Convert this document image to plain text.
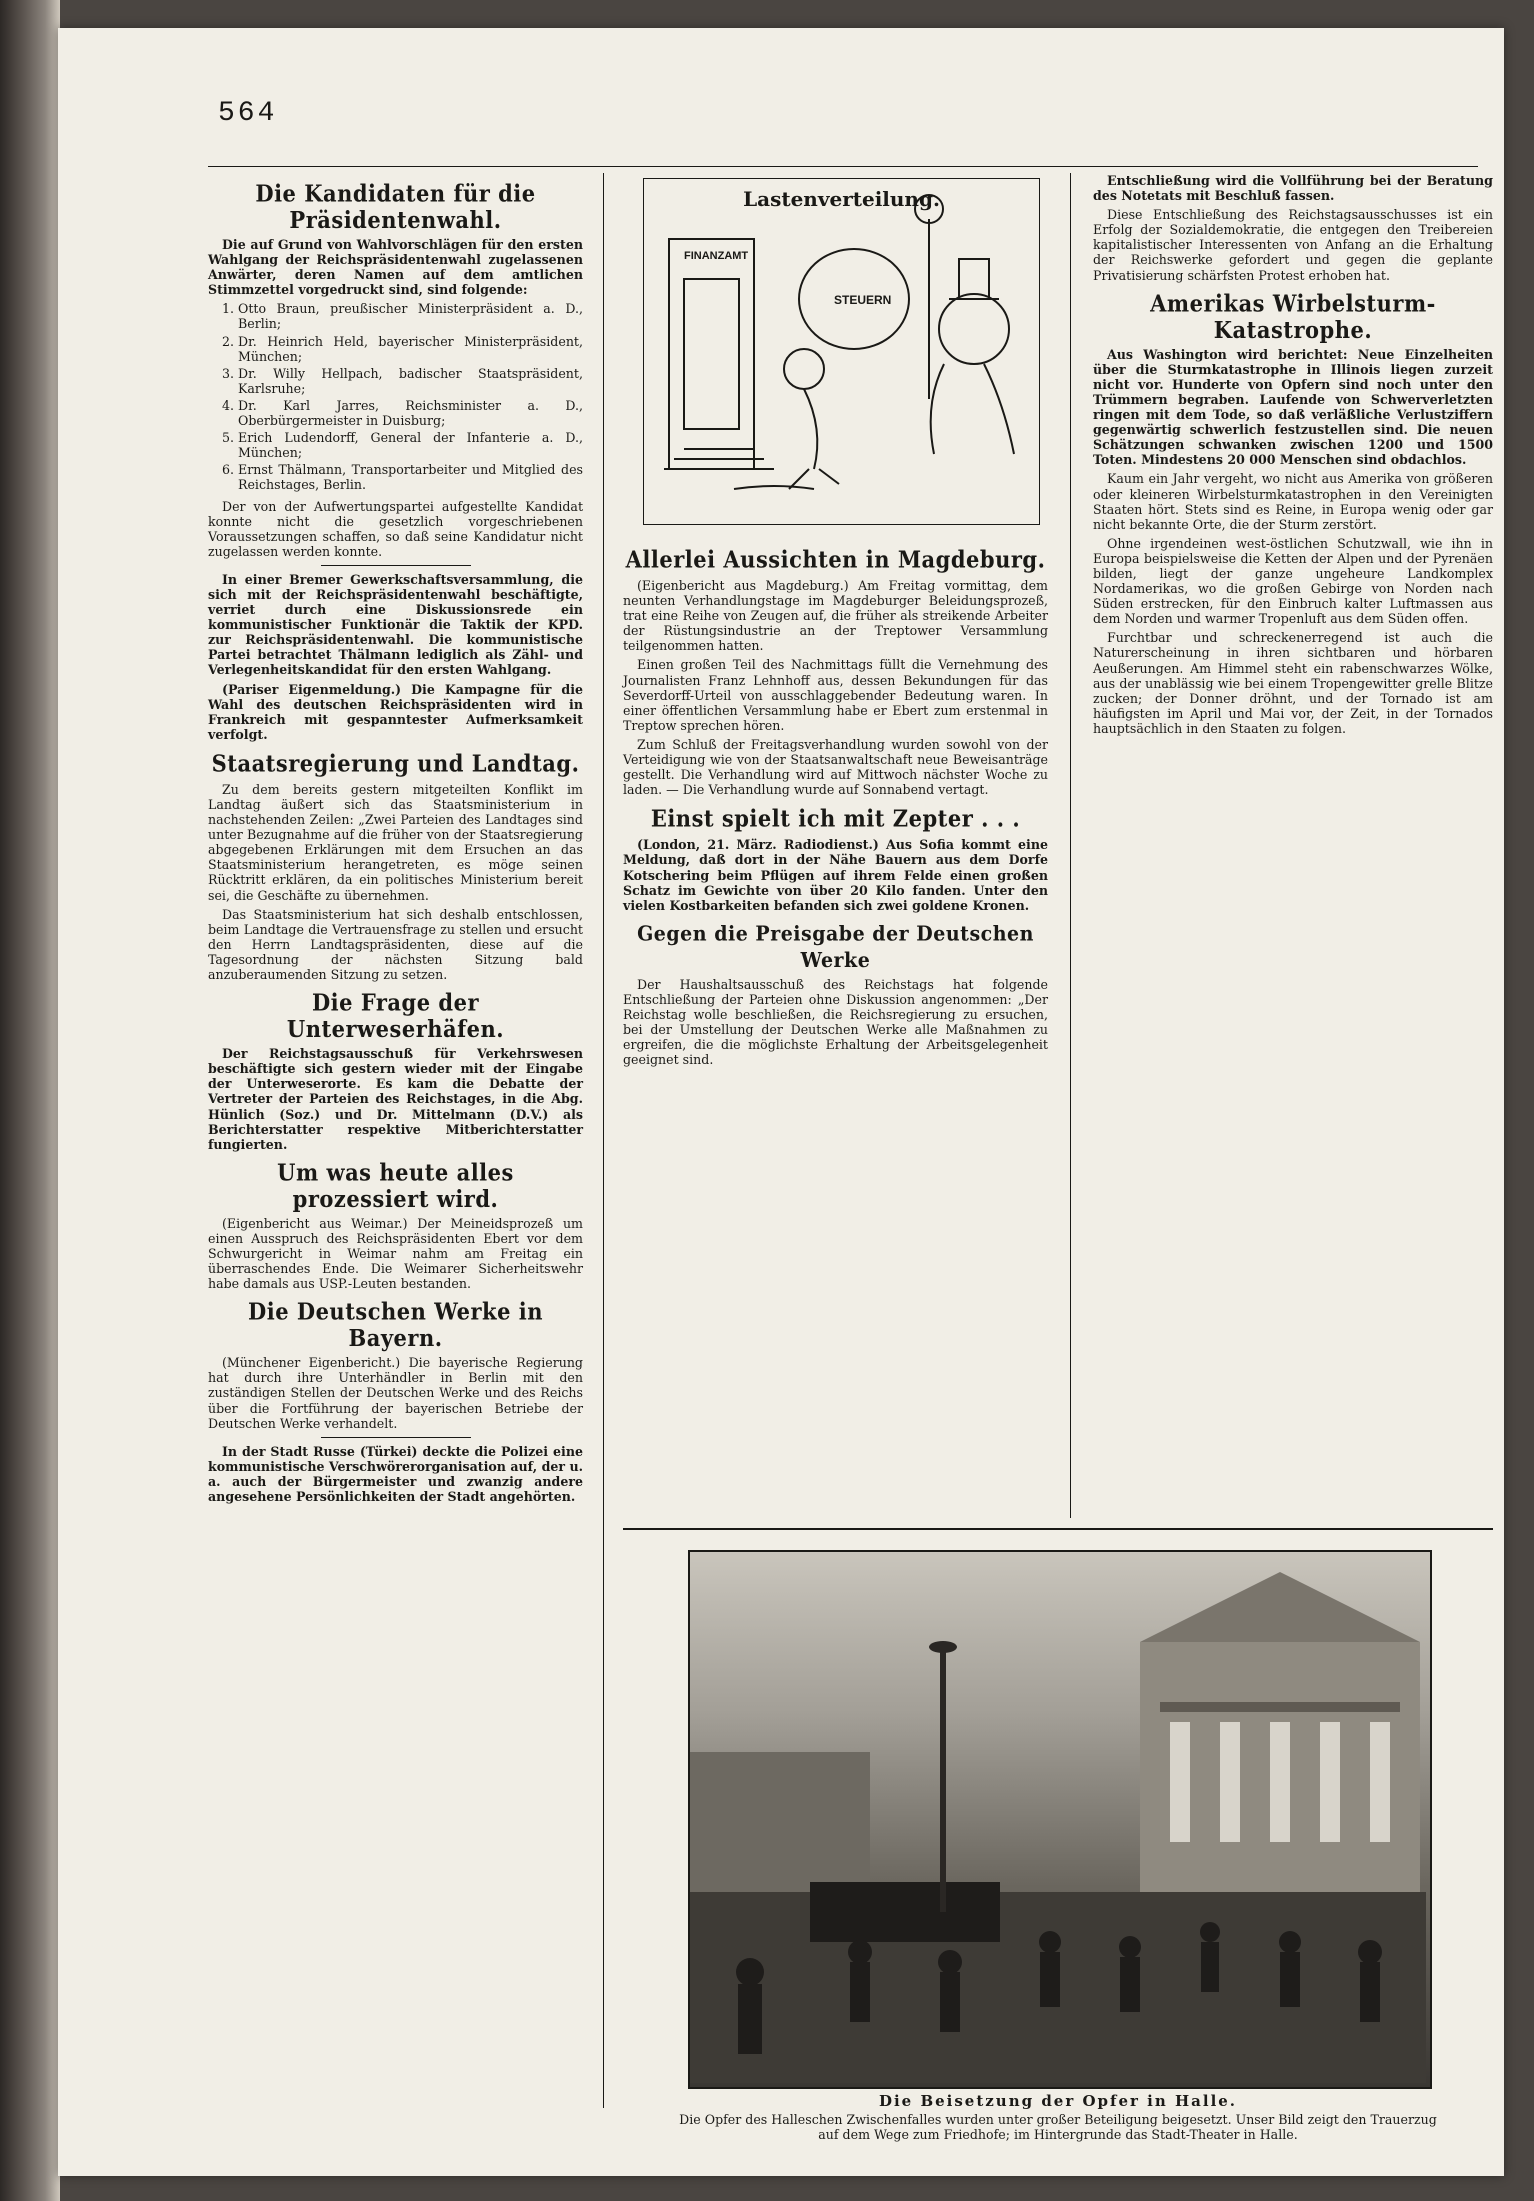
564
Die Kandidaten für die Präsidentenwahl.

Die auf Grund von Wahlvorschlägen für den ersten Wahlgang der Reichspräsidentenwahl zugelassenen Anwärter, deren Namen auf dem amtlichen Stimmzettel vorgedruckt sind, sind folgende:

1. Otto Braun, preußischer Ministerpräsident a. D., Berlin;
2. Dr. Heinrich Held, bayerischer Ministerpräsident, München;
3. Dr. Willy Hellpach, badischer Staatspräsident, Karlsruhe;
4. Dr. Karl Jarres, Reichsminister a. D., Oberbürgermeister in Duisburg;
5. Erich Ludendorff, General der Infanterie a. D., München;
6. Ernst Thälmann, Transportarbeiter und Mitglied des Reichstages, Berlin.

Der von der Aufwertungspartei aufgestellte Kandidat konnte nicht die gesetzlich vorgeschriebenen Voraussetzungen schaffen, so daß seine Kandidatur nicht zugelassen werden konnte.

In einer Bremer Gewerkschaftsversammlung, die sich mit der Reichspräsidentenwahl beschäftigte, verriet durch eine Diskussionsrede ein kommunistischer Funktionär die Taktik der KPD. zur Reichspräsidentenwahl. Die kommunistische Partei betrachtet Thälmann lediglich als Zähl- und Verlegenheitskandidat für den ersten Wahlgang.

(Pariser Eigenmeldung.) Die Kampagne für die Wahl des deutschen Reichspräsidenten wird in Frankreich mit gespanntester Aufmerksamkeit verfolgt.

Staatsregierung und Landtag.

Zu dem bereits gestern mitgeteilten Konflikt im Landtag äußert sich das Staatsministerium in nachstehenden Zeilen: „Zwei Parteien des Landtages sind unter Bezugnahme auf die früher von der Staatsregierung abgegebenen Erklärungen mit dem Ersuchen an das Staatsministerium herangetreten, es möge seinen Rücktritt erklären, da ein politisches Ministerium bereit sei, die Geschäfte zu übernehmen.

Das Staatsministerium hat sich deshalb entschlossen, beim Landtage die Vertrauensfrage zu stellen und ersucht den Herrn Landtagspräsidenten, diese auf die Tagesordnung der nächsten Sitzung bald anzuberaumenden Sitzung zu setzen.

Die Frage der Unterweserhäfen.

Der Reichstagsausschuß für Verkehrswesen beschäftigte sich gestern wieder mit der Eingabe der Unterweserorte. Es kam die Debatte der Vertreter der Parteien des Reichstages, in die Abg. Hünlich (Soz.) und Dr. Mittelmann (D.V.) als Berichterstatter respektive Mitberichterstatter fungierten.

Um was heute alles prozessiert wird.

(Eigenbericht aus Weimar.) Der Meineidsprozeß um einen Ausspruch des Reichspräsidenten Ebert vor dem Schwurgericht in Weimar nahm am Freitag ein überraschendes Ende. Die Weimarer Sicherheitswehr habe damals aus USP.-Leuten bestanden.

Die Deutschen Werke in Bayern.

(Münchener Eigenbericht.) Die bayerische Regierung hat durch ihre Unterhändler in Berlin mit den zuständigen Stellen der Deutschen Werke und des Reichs über die Fortführung der bayerischen Betriebe der Deutschen Werke verhandelt.

In der Stadt Russe (Türkei) deckte die Polizei eine kommunistische Verschwörerorganisation auf, der u. a. auch der Bürgermeister und zwanzig andere angesehene Persönlichkeiten der Stadt angehörten.

Lastenverteilung.
FINANZAMT
STEUERN
Allerlei Aussichten in Magdeburg.

(Eigenbericht aus Magdeburg.) Am Freitag vormittag, dem neunten Verhandlungstage im Magdeburger Beleidungsprozeß, trat eine Reihe von Zeugen auf, die früher als streikende Arbeiter der Rüstungsindustrie an der Treptower Versammlung teilgenommen hatten.

Einen großen Teil des Nachmittags füllt die Vernehmung des Journalisten Franz Lehnhoff aus, dessen Bekundungen für das Severdorff-Urteil von ausschlaggebender Bedeutung waren. In einer öffentlichen Versammlung habe er Ebert zum erstenmal in Treptow sprechen hören.

Zum Schluß der Freitagsverhandlung wurden sowohl von der Verteidigung wie von der Staatsanwaltschaft neue Beweisanträge gestellt. Die Verhandlung wird auf Mittwoch nächster Woche zu laden. — Die Verhandlung wurde auf Sonnabend vertagt.

Einst spielt ich mit Zepter . . .

(London, 21. März. Radiodienst.) Aus Sofia kommt eine Meldung, daß dort in der Nähe Bauern aus dem Dorfe Kotschering beim Pflügen auf ihrem Felde einen großen Schatz im Gewichte von über 20 Kilo fanden. Unter den vielen Kostbarkeiten befanden sich zwei goldene Kronen.

Gegen die Preisgabe der Deutschen Werke

Der Haushaltsausschuß des Reichstags hat folgende Entschließung der Parteien ohne Diskussion angenommen: „Der Reichstag wolle beschließen, die Reichsregierung zu ersuchen, bei der Umstellung der Deutschen Werke alle Maßnahmen zu ergreifen, die die möglichste Erhaltung der Arbeitsgelegenheit geeignet sind.

Entschließung wird die Vollführung bei der Beratung des Notetats mit Beschluß fassen.

Diese Entschließung des Reichstagsausschusses ist ein Erfolg der Sozialdemokratie, die entgegen den Treibereien kapitalistischer Interessenten von Anfang an die Erhaltung der Reichswerke gefordert und gegen die geplante Privatisierung schärfsten Protest erhoben hat.

Amerikas Wirbelsturm-Katastrophe.

Aus Washington wird berichtet: Neue Einzelheiten über die Sturmkatastrophe in Illinois liegen zurzeit nicht vor. Hunderte von Opfern sind noch unter den Trümmern begraben. Laufende von Schwerverletzten ringen mit dem Tode, so daß verläßliche Verlustziffern gegenwärtig schwerlich festzustellen sind. Die neuen Schätzungen schwanken zwischen 1200 und 1500 Toten. Mindestens 20 000 Menschen sind obdachlos.

Kaum ein Jahr vergeht, wo nicht aus Amerika von größeren oder kleineren Wirbelsturmkatastrophen in den Vereinigten Staaten hört. Stets sind es Reine, in Europa wenig oder gar nicht bekannte Orte, die der Sturm zerstört.

Ohne irgendeinen west-östlichen Schutzwall, wie ihn in Europa beispielsweise die Ketten der Alpen und der Pyrenäen bilden, liegt der ganze ungeheure Landkomplex Nordamerikas, wo die großen Gebirge von Norden nach Süden erstrecken, für den Einbruch kalter Luftmassen aus dem Norden und warmer Tropenluft aus dem Süden offen.

Furchtbar und schreckenerregend ist auch die Naturerscheinung in ihren sichtbaren und hörbaren Aeußerungen. Am Himmel steht ein rabenschwarzes Wölke, aus der unablässig wie bei einem Tropengewitter grelle Blitze zucken; der Donner dröhnt, und der Tornado ist am häufigsten im April und Mai vor, der Zeit, in der Tornados hauptsächlich in den Staaten zu folgen.

Die Beisetzung der Opfer in Halle.
Die Opfer des Halleschen Zwischenfalles wurden unter großer Beteiligung beigesetzt. Unser Bild zeigt den Trauerzug auf dem Wege zum Friedhofe; im Hintergrunde das Stadt-Theater in Halle.
